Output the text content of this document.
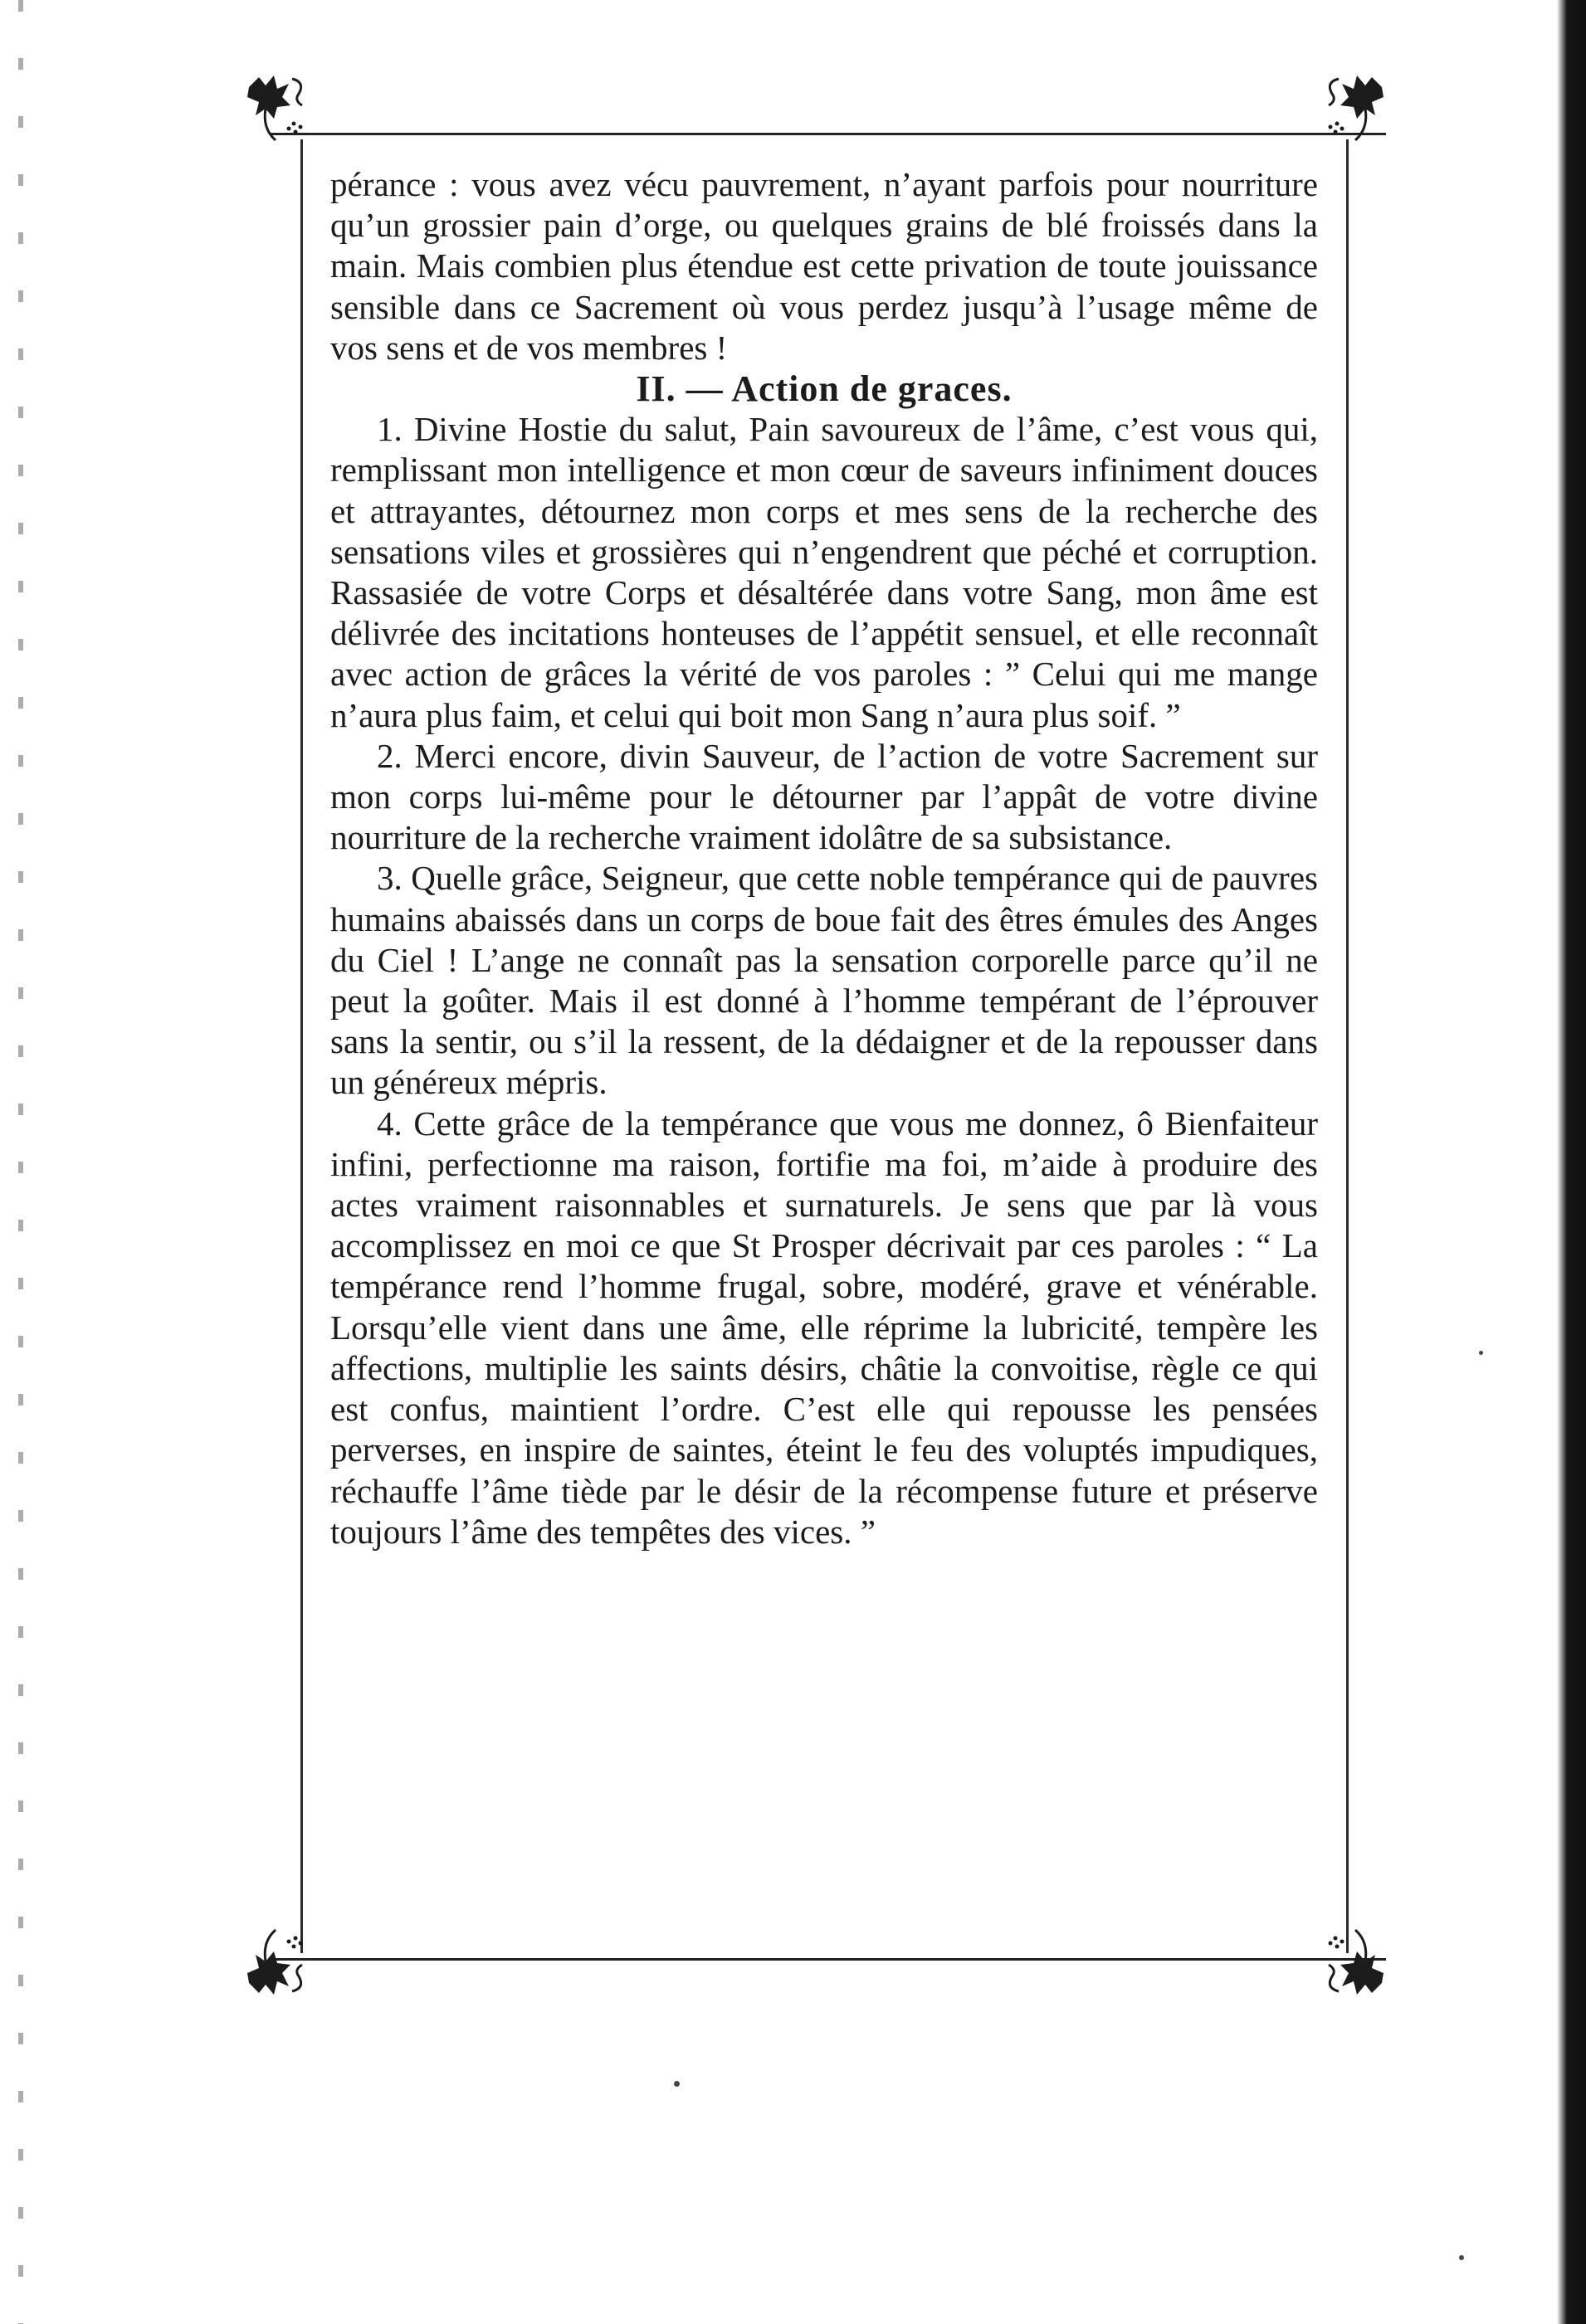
pérance : vous avez vécu pauvrement, n’ayant parfois pour nourriture qu’un grossier pain d’orge, ou quelques grains de blé froissés dans la main. Mais combien plus étendue est cette privation de toute jouissance sensible dans ce Sacrement où vous perdez jusqu’à l’usage même de vos sens et de vos membres !

II. — Action de graces.

1. Divine Hostie du salut, Pain savoureux de l’âme, c’est vous qui, remplissant mon intelligence et mon cœur de saveurs infiniment douces et attrayantes, détournez mon corps et mes sens de la recherche des sensations viles et grossières qui n’engendrent que péché et corruption. Rassasiée de votre Corps et désaltérée dans votre Sang, mon âme est délivrée des incitations honteuses de l’appétit sensuel, et elle reconnaît avec action de grâces la vérité de vos paroles : ” Celui qui me mange n’aura plus faim, et celui qui boit mon Sang n’aura plus soif. ”

2. Merci encore, divin Sauveur, de l’action de votre Sacrement sur mon corps lui-même pour le détourner par l’appât de votre divine nourriture de la recherche vraiment idolâtre de sa subsistance.

3. Quelle grâce, Seigneur, que cette noble tempérance qui de pauvres humains abaissés dans un corps de boue fait des êtres émules des Anges du Ciel ! L’ange ne connaît pas la sensation corporelle parce qu’il ne peut la goûter. Mais il est donné à l’homme tempérant de l’éprouver sans la sentir, ou s’il la ressent, de la dédaigner et de la repousser dans un généreux mépris.

4. Cette grâce de la tempérance que vous me donnez, ô Bienfaiteur infini, perfectionne ma raison, fortifie ma foi, m’aide à produire des actes vraiment raisonnables et surnaturels. Je sens que par là vous accomplissez en moi ce que St Prosper décrivait par ces paroles : “ La tempérance rend l’homme frugal, sobre, modéré, grave et vénérable. Lorsqu’elle vient dans une âme, elle réprime la lubricité, tempère les affections, multiplie les saints désirs, châtie la convoitise, règle ce qui est confus, maintient l’ordre. C’est elle qui repousse les pensées perverses, en inspire de saintes, éteint le feu des voluptés impudiques, réchauffe l’âme tiède par le désir de la récompense future et préserve toujours l’âme des tempêtes des vices. ”
